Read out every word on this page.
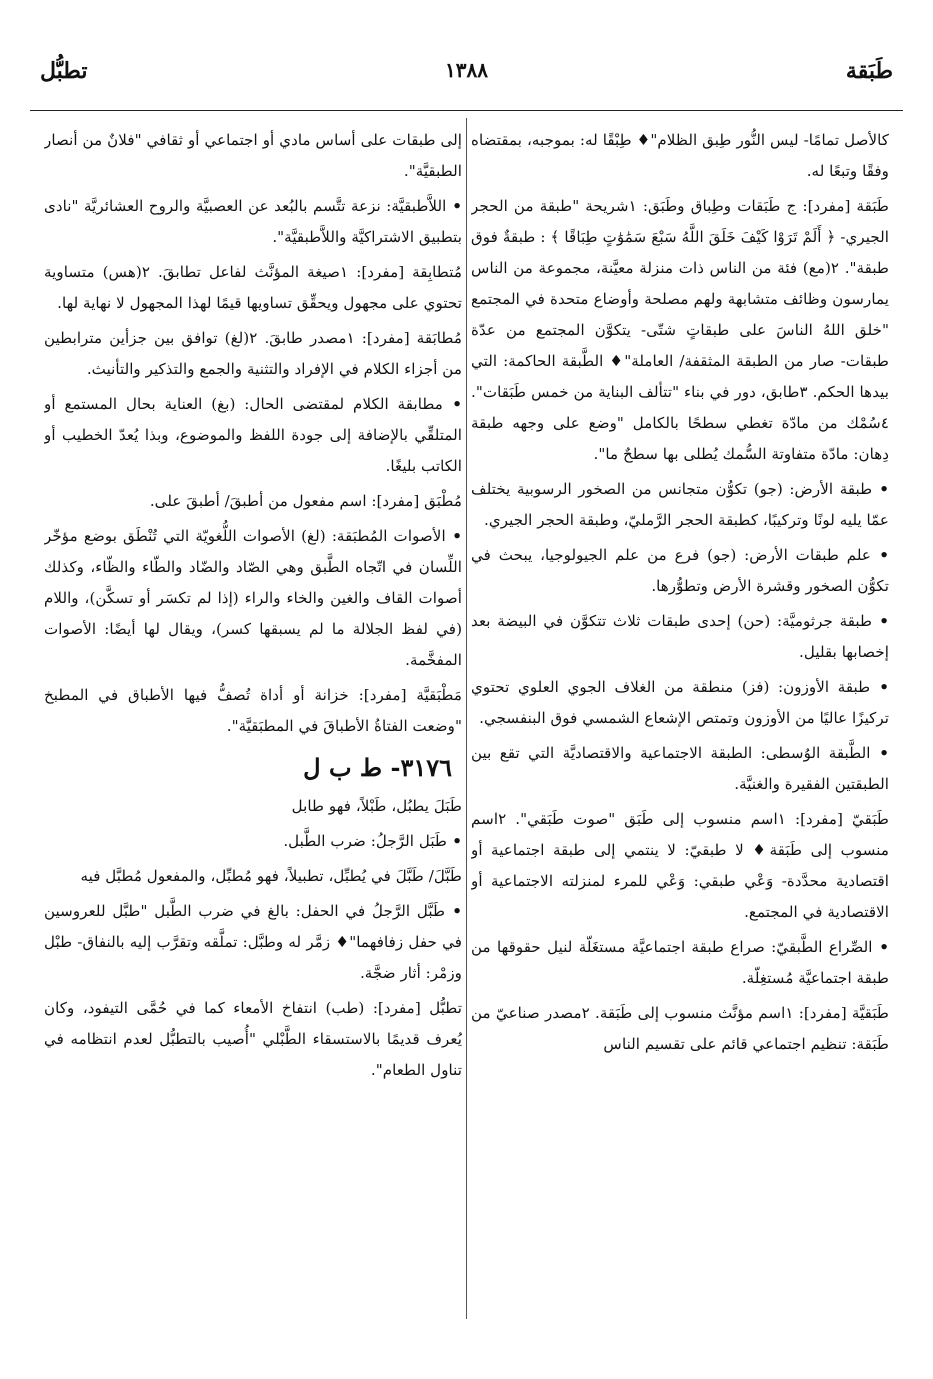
طَبَقة
١٣٨٨
تطبُّل

كالأصل تمامًا- ليس النُّور طِبق الظلام"♦ طِبْقًا له: بموجبه، بمقتضاه وفقًا وتبعًا له.

طَبَقة [مفرد]: ج طَبَقات وطِباق وطَبَق: ١شريحة "طبقة من الحجر الجيري- ﴿ أَلَمْ تَرَوْا كَيْفَ خَلَقَ اللَّهُ سَبْعَ سَمَٰوَٰتٍ طِبَاقًا ﴾ : طبقةٌ فوق طبقة". ٢(مع) فئة من الناس ذات منزلة معيَّنة، مجموعة من الناس يمارسون وظائف متشابهة ولهم مصلحة وأوضاع متحدة في المجتمع "خلق اللهُ الناسَ على طبقاتٍ شتّى- يتكوَّن المجتمع من عدّة طبقات- صار من الطبقة المثقفة/ العاملة"♦ الطَّبقة الحاكمة: التي بيدها الحكم. ٣طابق، دور في بناء "تتألف البناية من خمس طَبَقات". ٤سُمْك من مادّة تغطي سطحًا بالكامل "وضع على وجهه طبقة دِهان: مادّة متفاوتة السُّمك يُطلى بها سطحٌ ما".

• طبقة الأرض: (جو) تكوُّن متجانس من الصخور الرسوبية يختلف عمّا يليه لونًا وتركيبًا، كطبقة الحجر الرَّمليّ، وطبقة الحجر الجيري.

• علم طبقات الأرض: (جو) فرع من علم الجيولوجيا، يبحث في تكوُّن الصخور وقشرة الأرض وتطوُّرها.

• طبقة جرثوميَّة: (حن) إحدى طبقات ثلاث تتكوَّن في البيضة بعد إخصابها بقليل.

• طبقة الأوزون: (فز) منطقة من الغلاف الجوي العلوي تحتوي تركيزًا عاليًا من الأوزون وتمتص الإشعاع الشمسي فوق البنفسجي.

• الطَّبقة الوُسطى: الطبقة الاجتماعية والاقتصاديَّة التي تقع بين الطبقتين الفقيرة والغنيَّة.

طَبَقيّ [مفرد]: ١اسم منسوب إلى طَبَق "صوت طَبَقي". ٢اسم منسوب إلى طَبَقة♦ لا طبقيّ: لا ينتمي إلى طبقة اجتماعية أو اقتصادية محدَّدة- وَعْي طبقي: وَعْي للمرء لمنزلته الاجتماعية أو الاقتصادية في المجتمع.

• الصِّراع الطَّبقيّ: صراع طبقة اجتماعيَّة مستغَلّة لنيل حقوقها من طبقة اجتماعيَّة مُستغِلّة.

طَبَقيَّة [مفرد]: ١اسم مؤنَّث منسوب إلى طَبَقة. ٢مصدر صناعيّ من طَبَقة: تنظيم اجتماعي قائم على تقسيم الناس

إلى طبقات على أساس مادي أو اجتماعي أو ثقافي "فلانٌ من أنصار الطبقيَّة".

• اللاَّطبقيَّة: نزعة تتَّسم بالبُعد عن العصبيَّة والروح العشائريَّة "نادى بتطبيق الاشتراكيَّة واللاَّطبقيَّة".

مُتطابِقة [مفرد]: ١صيغة المؤنَّث لفاعل تطابقَ. ٢(هس) متساوية تحتوي على مجهول ويحقِّق تساويها قيمًا لهذا المجهول لا نهاية لها.

مُطابَقة [مفرد]: ١مصدر طابقَ. ٢(لغ) توافق بين جزأين مترابطين من أجزاء الكلام في الإفراد والتثنية والجمع والتذكير والتأنيث.

• مطابقة الكلام لمقتضى الحال: (بغ) العناية بحال المستمع أو المتلقِّي بالإضافة إلى جودة اللفظ والموضوع، وبذا يُعدّ الخطيب أو الكاتب بليغًا.

مُطْبَق [مفرد]: اسم مفعول من أطبقَ/ أطبقَ على.

• الأصوات المُطبَقة: (لغ) الأصوات اللُّغويّة التي تُنْطَق بوضع مؤخّر اللِّسان في اتّجاه الطَّبق وهي الصّاد والضّاد والطّاء والظّاء، وكذلك أصوات القاف والغين والخاء والراء (إذا لم تكسَر أو تسكَّن)، واللام (في لفظ الجلالة ما لم يسبقها كسر)، ويقال لها أيضًا: الأصوات المفخَّمة.

مَطْبَقيَّة [مفرد]: خزانة أو أداة تُصفُّ فيها الأطباق في المطبخ "وضعت الفتاةُ الأطباقَ في المطبَقيَّة".

٣١٧٦- ط ب ل

طَبَلَ يطبُل، طَبْلاً، فهو طابل

• طَبَل الرَّجلُ: ضرب الطَّبل.

طَبَّلَ/ طَبَّلَ في يُطبِّل، تطبيلاً، فهو مُطبِّل، والمفعول مُطبَّل فيه

• طَبَّل الرَّجلُ في الحفل: بالغ في ضرب الطَّبل "طبَّل للعروسين في حفل زفافهما"♦ زمَّر له وطبَّل: تملَّقه وتقرَّب إليه بالنفاق- طبْل وزمْر: أثار ضجَّة.

تطبُّل [مفرد]: (طب) انتفاخ الأمعاء كما في حُمَّى التيفود، وكان يُعرف قديمًا بالاستسقاء الطَّبْلي "أُصيب بالتطبُّل لعدم انتظامه في تناول الطعام".
